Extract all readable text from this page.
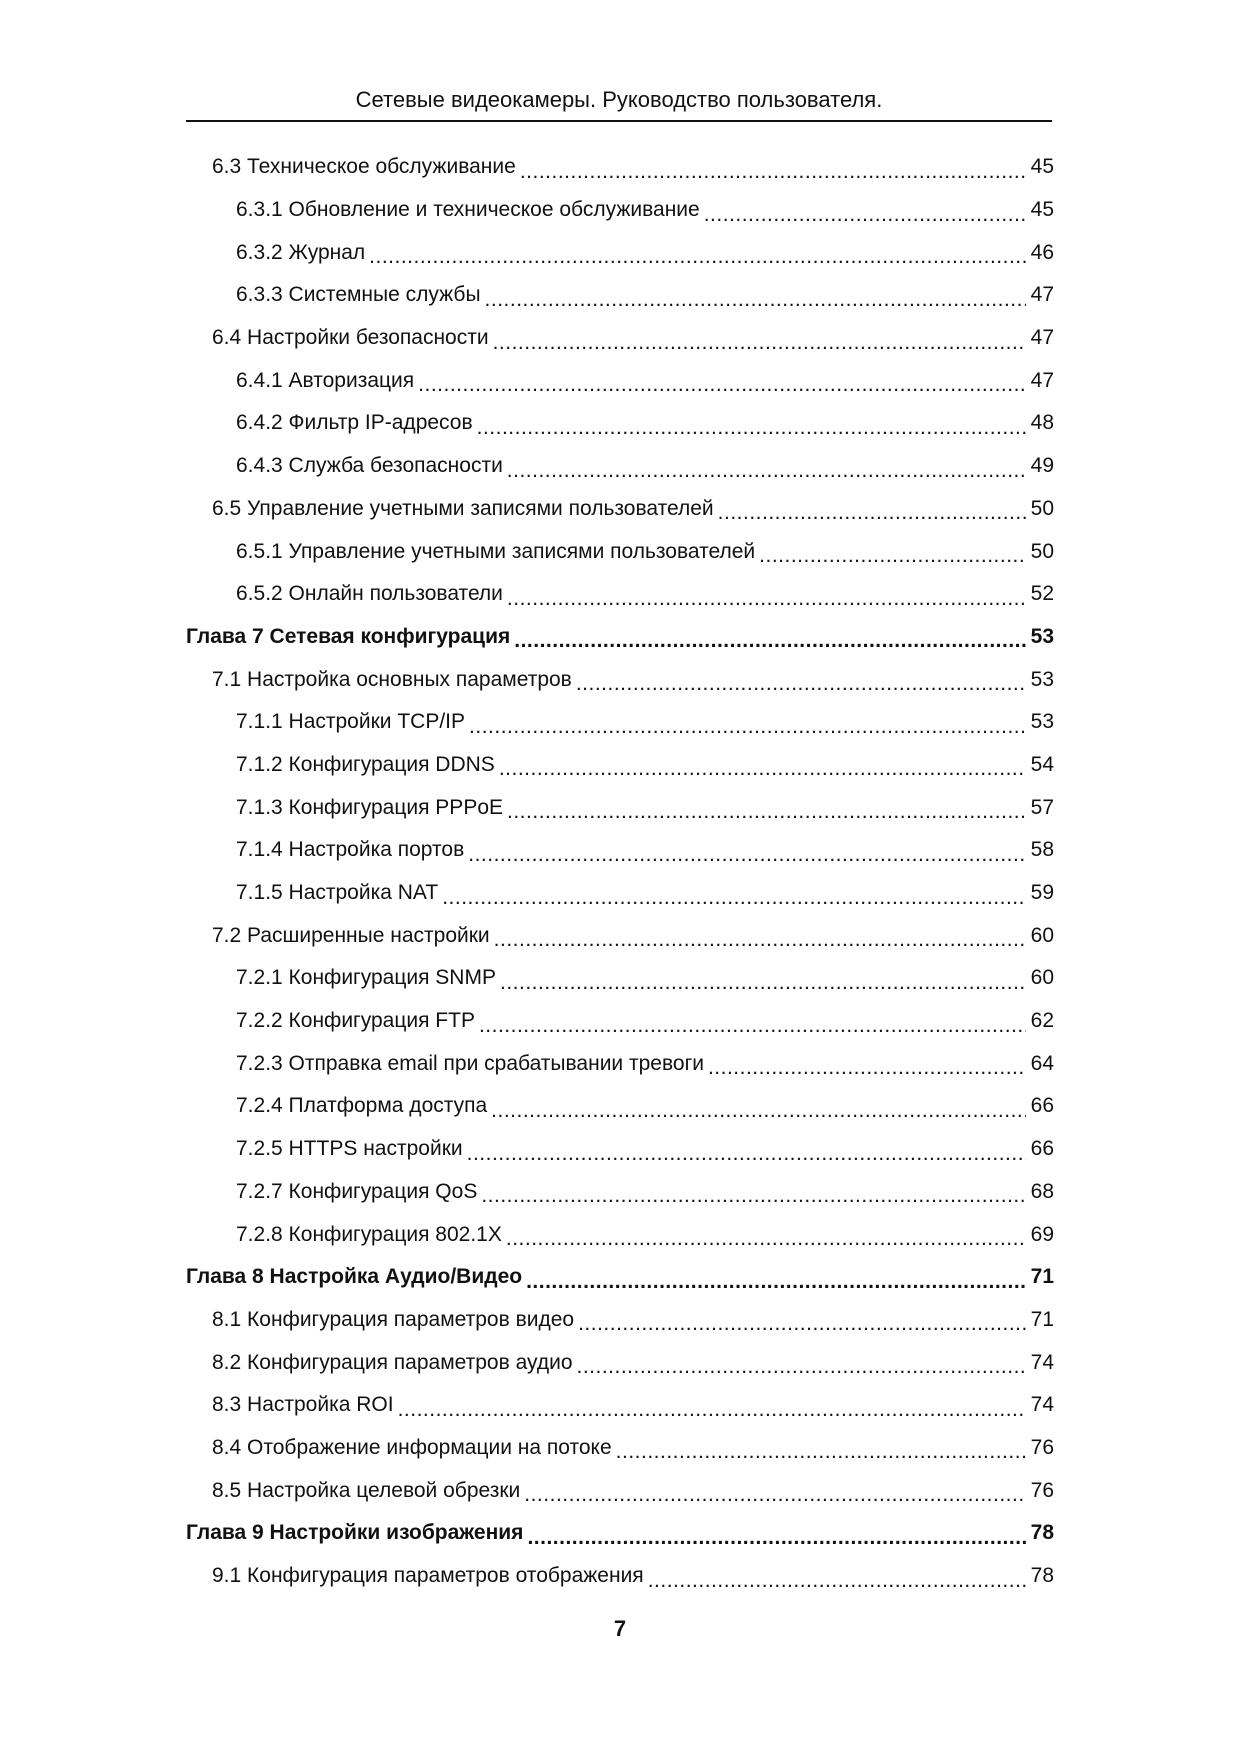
Сетевые видеокамеры. Руководство пользователя.
6.3 Техническое обслуживание .....	45
6.3.1 Обновление и техническое обслуживание .....	45
6.3.2 Журнал .....	46
6.3.3 Системные службы .....	47
6.4 Настройки безопасности .....	47
6.4.1 Авторизация .....	47
6.4.2 Фильтр IP-адресов .....	48
6.4.3 Служба безопасности .....	49
6.5 Управление учетными записями пользователей .....	50
6.5.1 Управление учетными записями пользователей .....	50
6.5.2 Онлайн пользователи .....	52
Глава 7 Сетевая конфигурация .....	53
7.1 Настройка основных параметров .....	53
7.1.1 Настройки TCP/IP .....	53
7.1.2 Конфигурация DDNS .....	54
7.1.3 Конфигурация PPPoE .....	57
7.1.4 Настройка портов .....	58
7.1.5 Настройка NAT .....	59
7.2 Расширенные настройки .....	60
7.2.1 Конфигурация SNMP .....	60
7.2.2 Конфигурация FTP .....	62
7.2.3 Отправка email при срабатывании тревоги .....	64
7.2.4 Платформа доступа .....	66
7.2.5 HTTPS настройки .....	66
7.2.7 Конфигурация QoS .....	68
7.2.8 Конфигурация 802.1X .....	69
Глава 8 Настройка Аудио/Видео .....	71
8.1 Конфигурация параметров видео .....	71
8.2 Конфигурация параметров аудио .....	74
8.3 Настройка ROI .....	74
8.4 Отображение информации на потоке .....	76
8.5 Настройка целевой обрезки .....	76
Глава 9 Настройки изображения .....	78
9.1 Конфигурация параметров отображения .....	78
7
